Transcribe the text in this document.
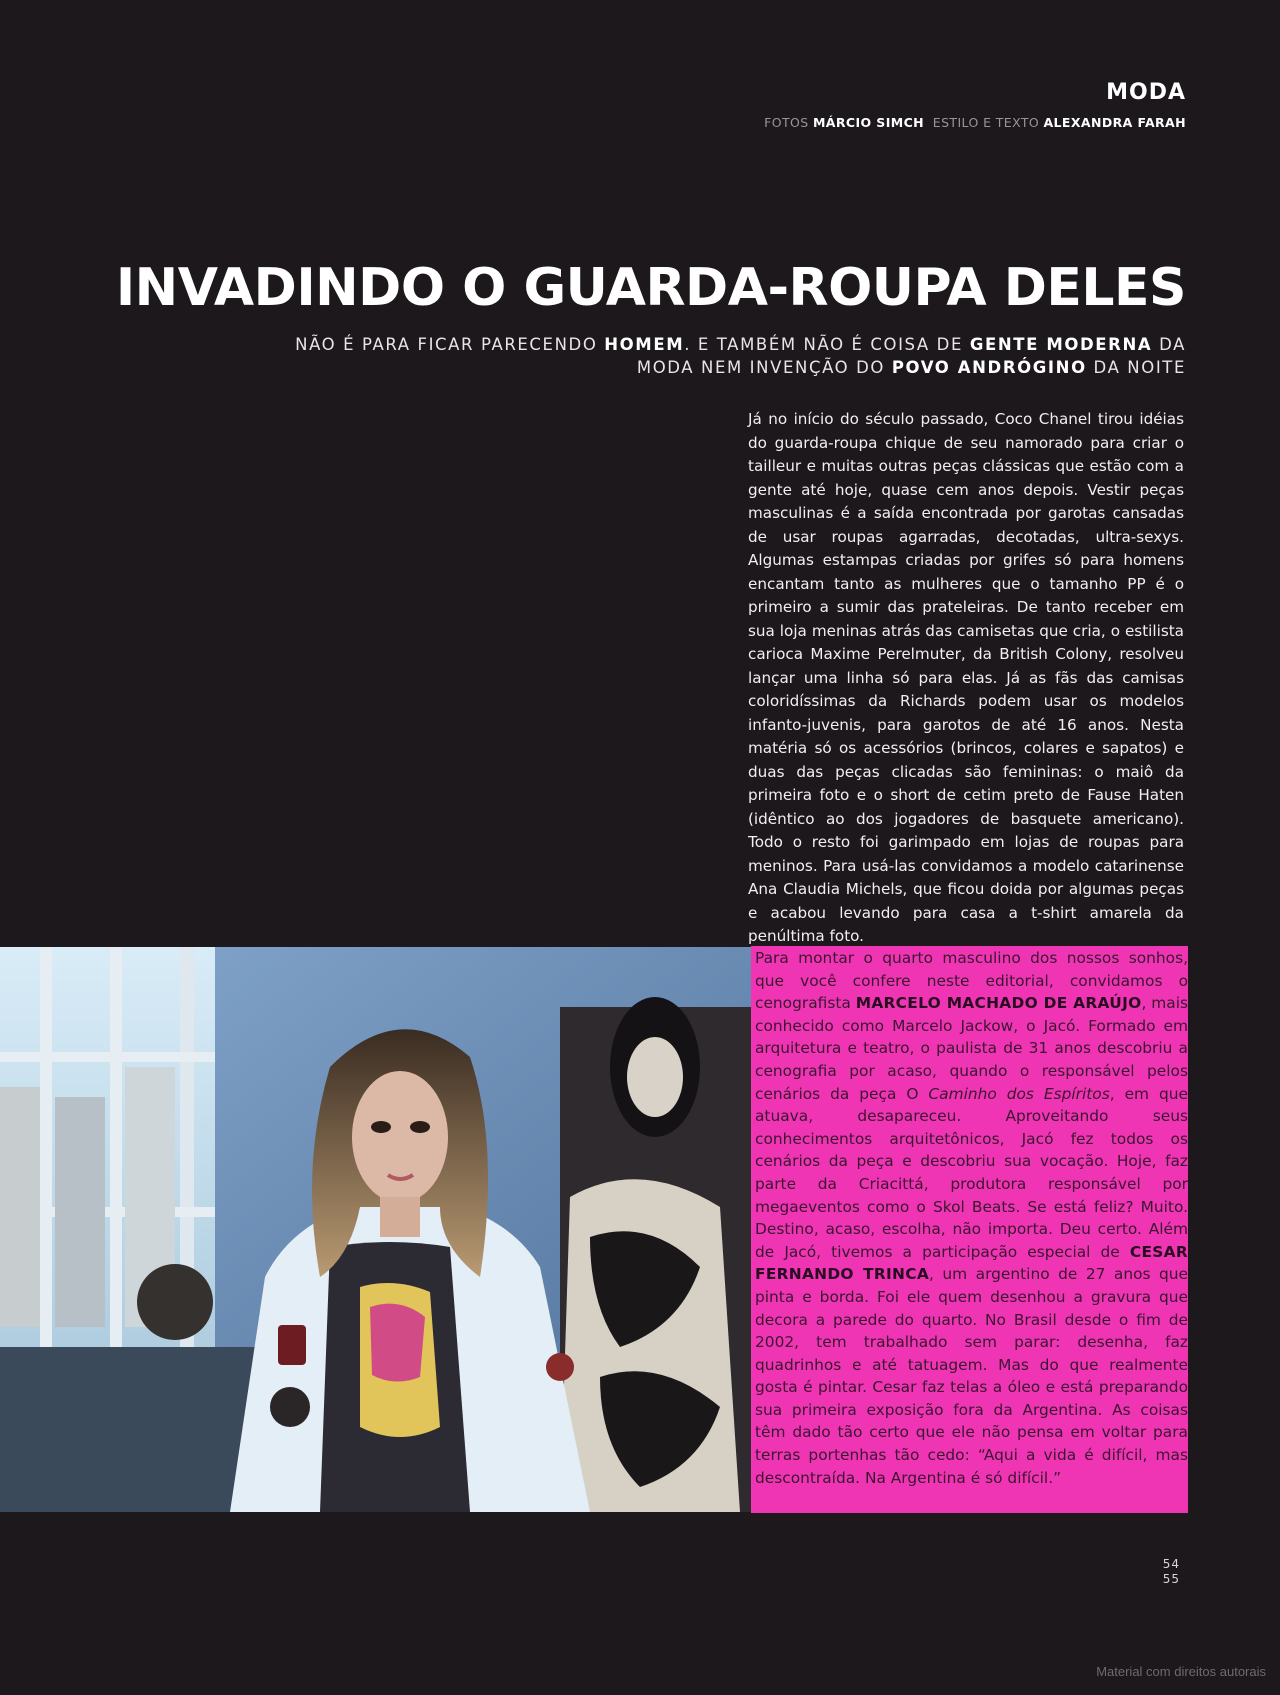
MODA
FOTOS MÁRCIO SIMCH ESTILO E TEXTO ALEXANDRA FARAH
INVADINDO O GUARDA-ROUPA DELES
NÃO É PARA FICAR PARECENDO HOMEM. E TAMBÉM NÃO É COISA DE GENTE MODERNA DA MODA NEM INVENÇÃO DO POVO ANDRÓGINO DA NOITE
Já no início do século passado, Coco Chanel tirou idéias do guarda-roupa chique de seu namorado para criar o tailleur e muitas outras peças clássicas que estão com a gente até hoje, quase cem anos depois. Vestir peças masculinas é a saída encontrada por garotas cansadas de usar roupas agarradas, decotadas, ultra-sexys. Algumas estampas criadas por grifes só para homens encantam tanto as mulheres que o tamanho PP é o primeiro a sumir das prateleiras. De tanto receber em sua loja meninas atrás das camisetas que cria, o estilista carioca Maxime Perelmuter, da British Colony, resolveu lançar uma linha só para elas. Já as fãs das camisas coloridíssimas da Richards podem usar os modelos infanto-juvenis, para garotos de até 16 anos. Nesta matéria só os acessórios (brincos, colares e sapatos) e duas das peças clicadas são femininas: o maiô da primeira foto e o short de cetim preto de Fause Haten (idêntico ao dos jogadores de basquete americano). Todo o resto foi garimpado em lojas de roupas para meninos. Para usá-las convidamos a modelo catarinense Ana Claudia Michels, que ficou doida por algumas peças e acabou levando para casa a t-shirt amarela da penúltima foto.
Para montar o quarto masculino dos nossos sonhos, que você confere neste editorial, convidamos o cenografista MARCELO MACHADO DE ARAÚJO, mais conhecido como Marcelo Jackow, o Jacó. Formado em arquitetura e teatro, o paulista de 31 anos descobriu a cenografia por acaso, quando o responsável pelos cenários da peça O Caminho dos Espíritos, em que atuava, desapareceu. Aproveitando seus conhecimentos arquitetônicos, Jacó fez todos os cenários da peça e descobriu sua vocação. Hoje, faz parte da Criacittá, produtora responsável por megaeventos como o Skol Beats. Se está feliz? Muito. Destino, acaso, escolha, não importa. Deu certo. Além de Jacó, tivemos a participação especial de CESAR FERNANDO TRINCA, um argentino de 27 anos que pinta e borda. Foi ele quem desenhou a gravura que decora a parede do quarto. No Brasil desde o fim de 2002, tem trabalhado sem parar: desenha, faz quadrinhos e até tatuagem. Mas do que realmente gosta é pintar. Cesar faz telas a óleo e está preparando sua primeira exposição fora da Argentina. As coisas têm dado tão certo que ele não pensa em voltar para terras portenhas tão cedo: “Aqui a vida é difícil, mas descontraída. Na Argentina é só difícil.”
54
55
Material com direitos autorais
